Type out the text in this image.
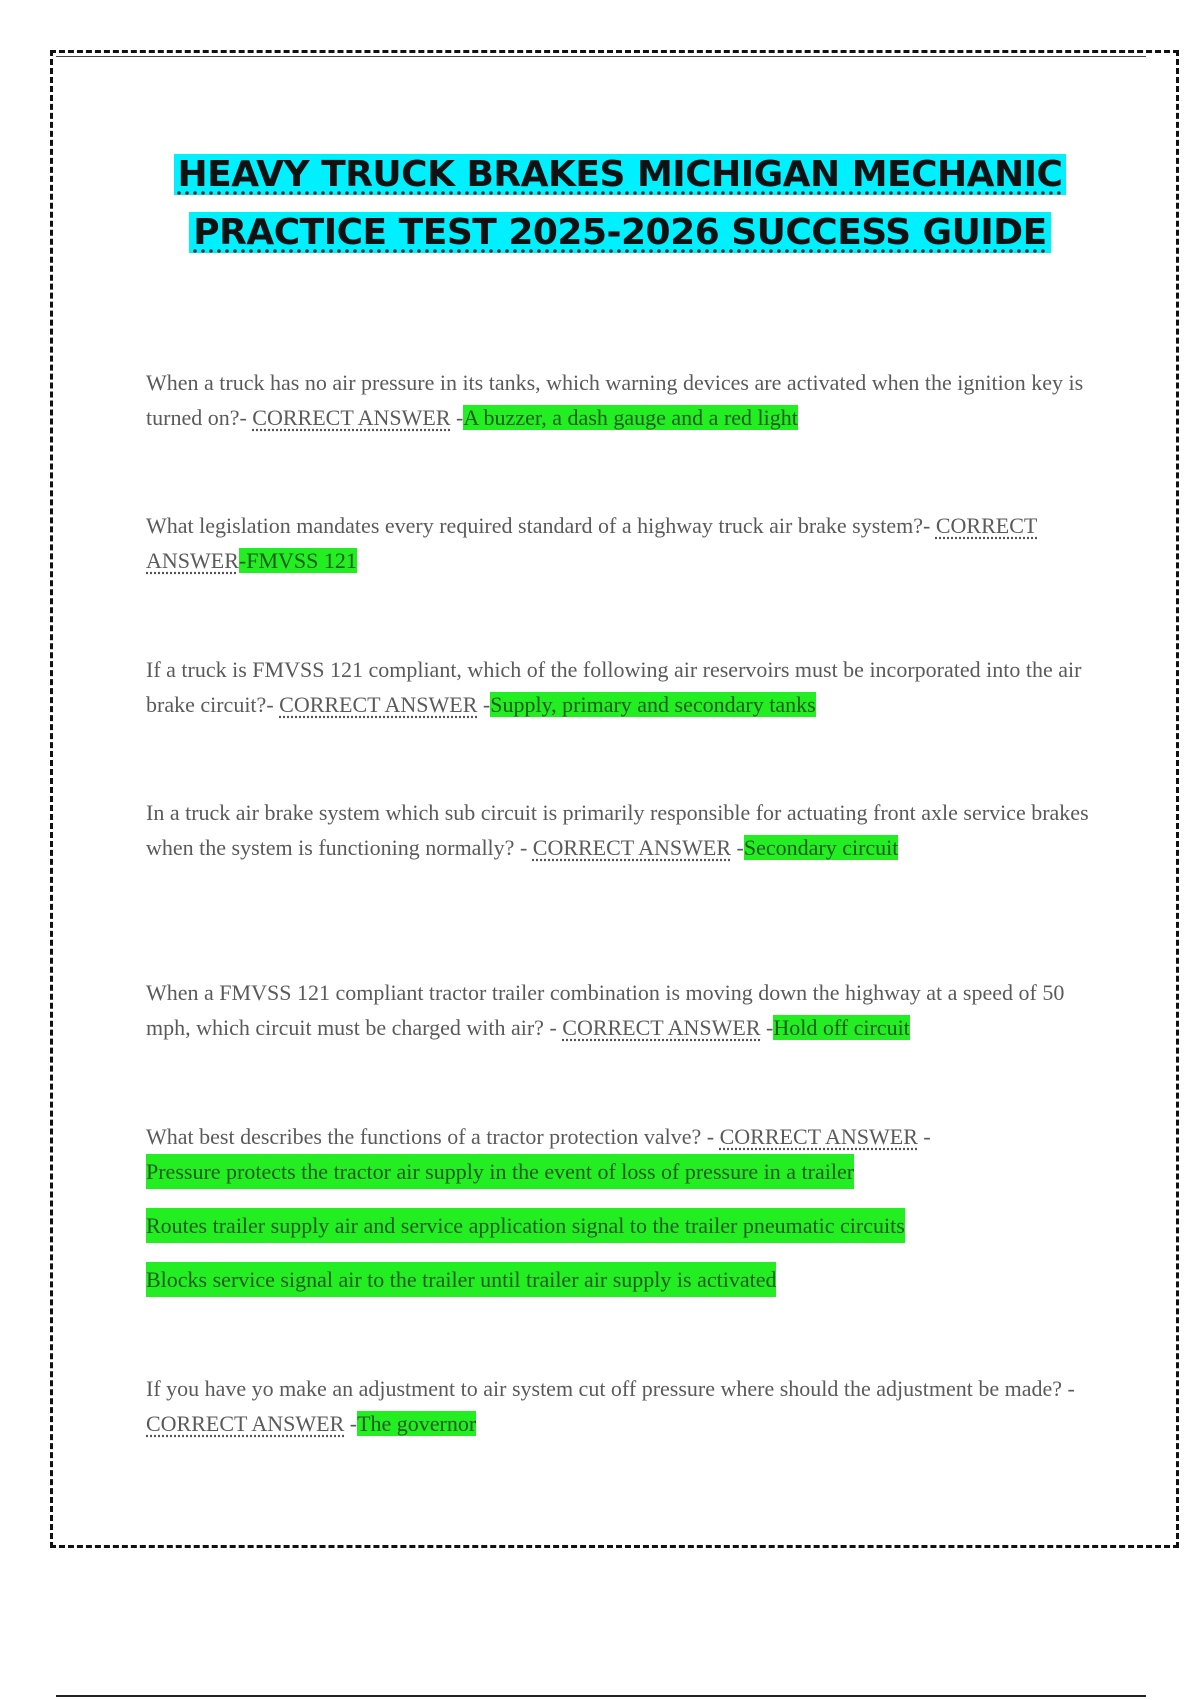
HEAVY TRUCK BRAKES MICHIGAN MECHANIC
PRACTICE TEST 2025-2026 SUCCESS GUIDE
When a truck has no air pressure in its tanks, which warning devices are activated when the ignition key is turned on?- CORRECT ANSWER -A buzzer, a dash gauge and a red light
What legislation mandates every required standard of a highway truck air brake system?- CORRECT ANSWER-FMVSS 121
If a truck is FMVSS 121 compliant, which of the following air reservoirs must be incorporated into the air brake circuit?- CORRECT ANSWER -Supply, primary and secondary tanks
In a truck air brake system which sub circuit is primarily responsible for actuating front axle service brakes when the system is functioning normally? - CORRECT ANSWER -Secondary circuit
When a FMVSS 121 compliant tractor trailer combination is moving down the highway at a speed of 50 mph, which circuit must be charged with air? - CORRECT ANSWER -Hold off circuit
What best describes the functions of a tractor protection valve? - CORRECT ANSWER -
Pressure protects the tractor air supply in the event of loss of pressure in a trailer
Routes trailer supply air and service application signal to the trailer pneumatic circuits
Blocks service signal air to the trailer until trailer air supply is activated
If you have yo make an adjustment to air system cut off pressure where should the adjustment be made? - CORRECT ANSWER -The governor
